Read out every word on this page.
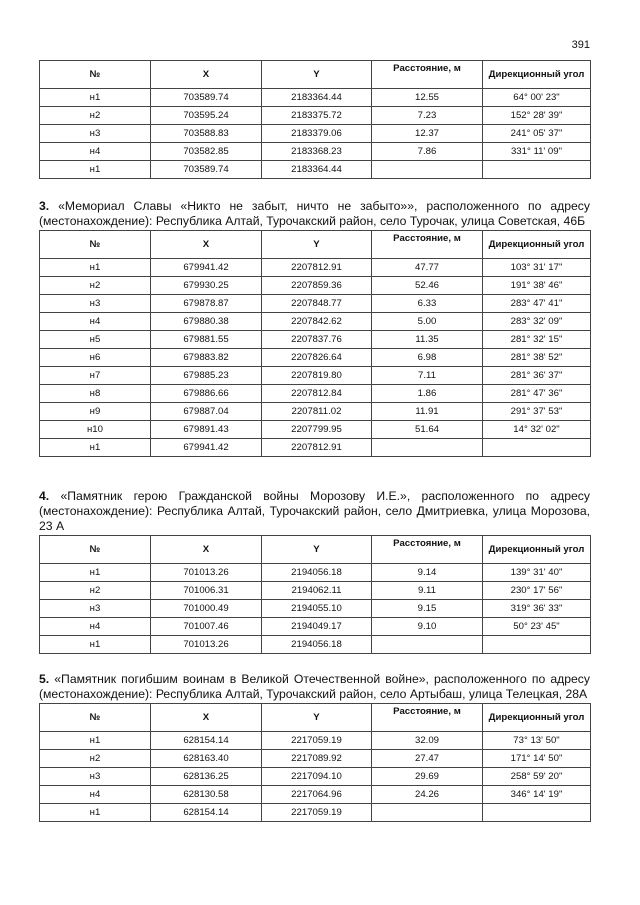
391
№	X	Y	Расстояние, м	Дирекционный угол
н1	703589.74	2183364.44	12.55	64° 00' 23"
н2	703595.24	2183375.72	7.23	152° 28' 39"
н3	703588.83	2183379.06	12.37	241° 05' 37"
н4	703582.85	2183368.23	7.86	331° 11' 09"
н1	703589.74	2183364.44		

3. «Мемориал Славы «Никто не забыт, ничто не забыто»», расположенного по адресу (местонахождение): Республика Алтай, Турочакский район, село Турочак, улица Советская, 46Б

№	X	Y	Расстояние, м	Дирекционный угол
н1	679941.42	2207812.91	47.77	103° 31' 17"
н2	679930.25	2207859.36	52.46	191° 38' 46"
н3	679878.87	2207848.77	6.33	283° 47' 41"
н4	679880.38	2207842.62	5.00	283° 32' 09"
н5	679881.55	2207837.76	11.35	281° 32' 15"
н6	679883.82	2207826.64	6.98	281° 38' 52"
н7	679885.23	2207819.80	7.11	281° 36' 37"
н8	679886.66	2207812.84	1.86	281° 47' 36"
н9	679887.04	2207811.02	11.91	291° 37' 53"
н10	679891.43	2207799.95	51.64	14° 32' 02"
н1	679941.42	2207812.91		

4. «Памятник герою Гражданской войны Морозову И.Е.», расположенного по адресу (местонахождение): Республика Алтай, Турочакский район, село Дмитриевка, улица Морозова, 23 А

№	X	Y	Расстояние, м	Дирекционный угол
н1	701013.26	2194056.18	9.14	139° 31' 40"
н2	701006.31	2194062.11	9.11	230° 17' 56"
н3	701000.49	2194055.10	9.15	319° 36' 33"
н4	701007.46	2194049.17	9.10	50° 23' 45"
н1	701013.26	2194056.18		

5. «Памятник погибшим воинам в Великой Отечественной войне», расположенного по адресу (местонахождение): Республика Алтай, Турочакский район, село Артыбаш, улица Телецкая, 28А

№	X	Y	Расстояние, м	Дирекционный угол
н1	628154.14	2217059.19	32.09	73° 13' 50"
н2	628163.40	2217089.92	27.47	171° 14' 50"
н3	628136.25	2217094.10	29.69	258° 59' 20"
н4	628130.58	2217064.96	24.26	346° 14' 19"
н1	628154.14	2217059.19		
